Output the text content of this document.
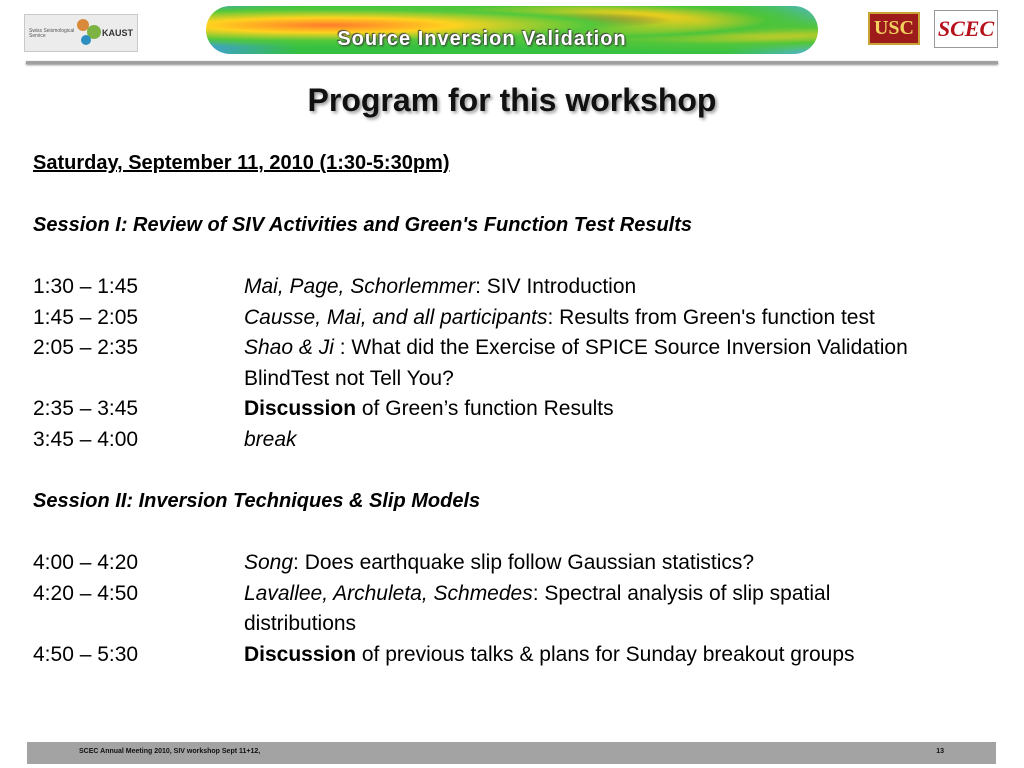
Swiss Seismological Service	KAUST	Source Inversion Validation	USC SCEC
Program for this workshop
Saturday, September 11, 2010 (1:30-5:30pm)
Session I: Review of SIV Activities and Green's Function Test Results
1:30 – 1:45	Mai, Page, Schorlemmer: SIV Introduction
1:45 – 2:05	Causse, Mai, and all participants: Results from Green's function test
2:05 – 2:35	Shao & Ji : What did the Exercise of SPICE Source Inversion Validation
BlindTest not Tell You?
2:35 – 3:45	Discussion of Green’s function Results
3:45 – 4:00	break
Session II: Inversion Techniques & Slip Models
4:00 – 4:20	Song: Does earthquake slip follow Gaussian statistics?
4:20 – 4:50	Lavallee, Archuleta, Schmedes: Spectral analysis of slip spatial
distributions
4:50 – 5:30	Discussion of previous talks & plans for Sunday breakout groups
SCEC Annual Meeting 2010, SIV workshop Sept 11+12,	13
